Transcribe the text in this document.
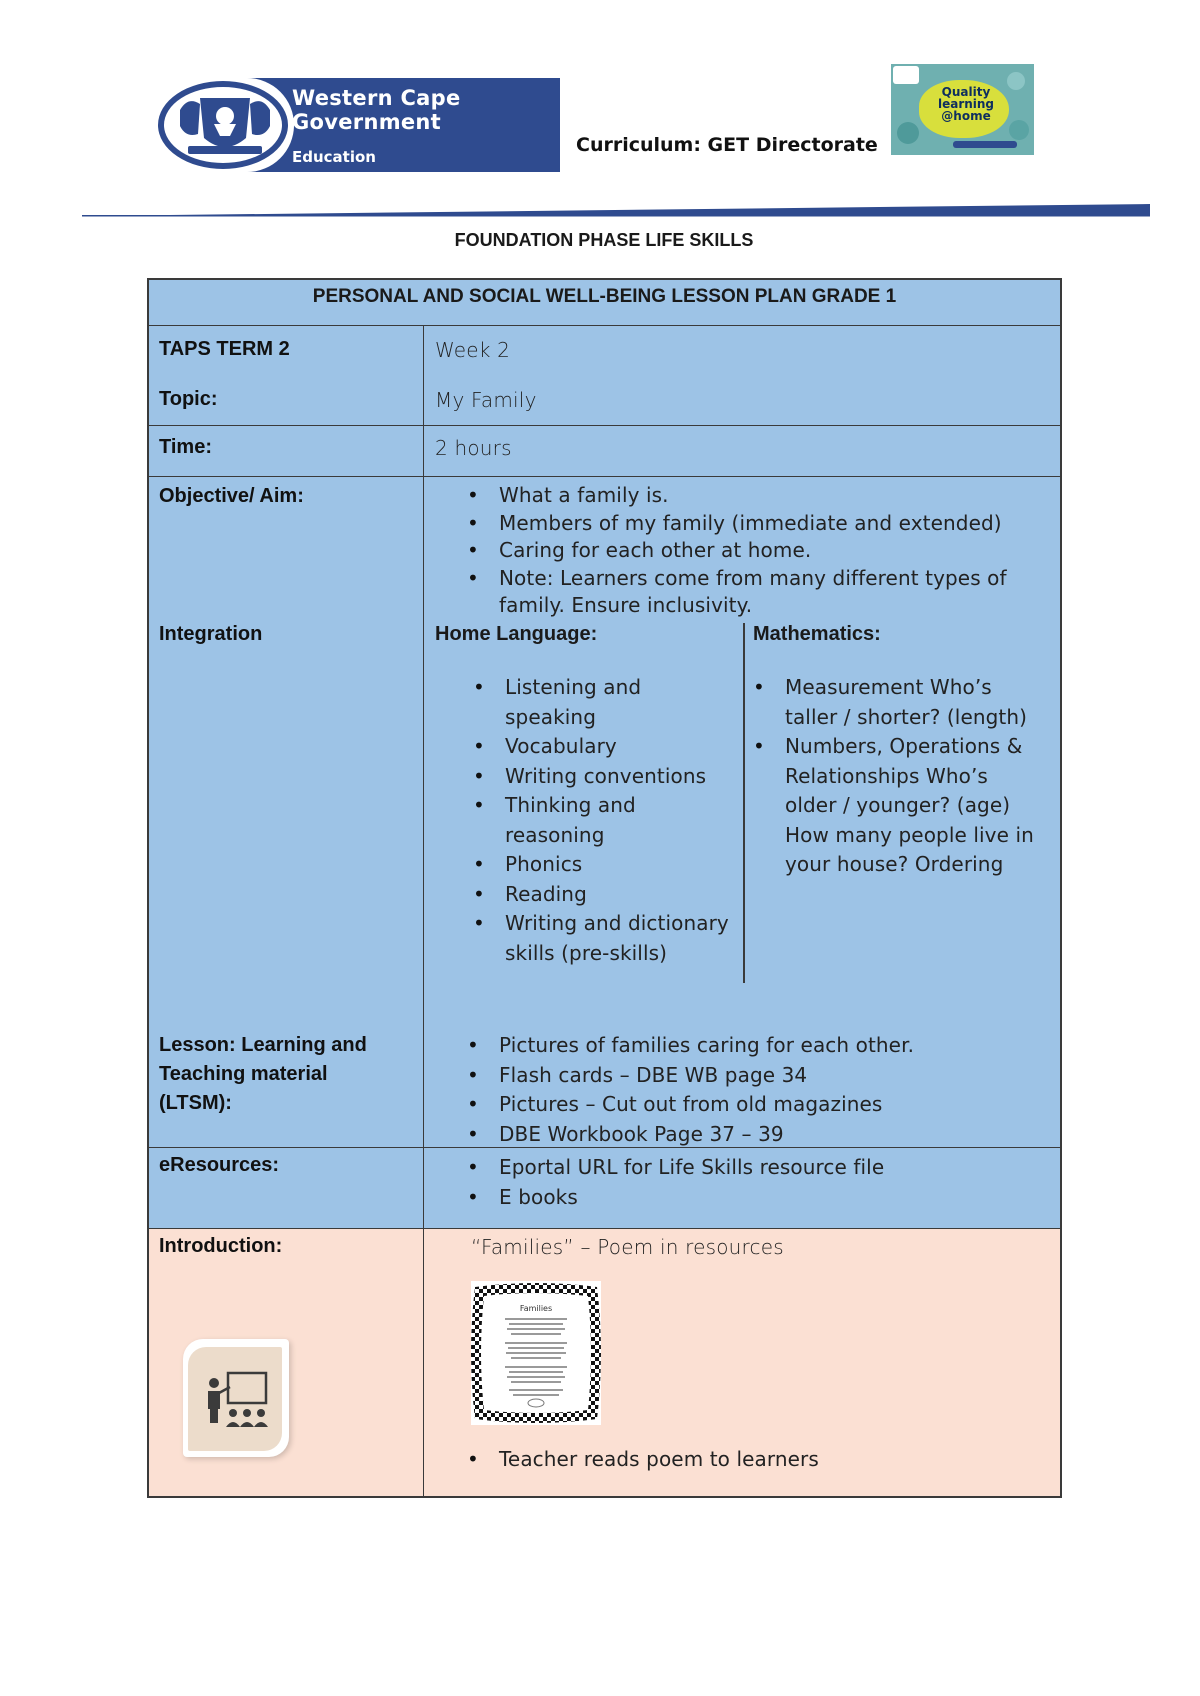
Western Cape
Government
Education
Curriculum: GET Directorate
Quality
learning
@home
FOUNDATION PHASE LIFE SKILLS
PERSONAL AND SOCIAL WELL-BEING LESSON PLAN GRADE 1
TAPS TERM 2
Topic:
Week 2
My Family
Time:	2 hours
Objective/ Aim:
Integration
Lesson: Learning and
Teaching material
(LTSM):
• What a family is.
• Members of my family (immediate and extended)
• Caring for each other at home.
• Note: Learners come from many different types of family. Ensure inclusivity.
Home Language:	Mathematics:
• Listening and speaking
• Vocabulary
• Writing conventions
• Thinking and reasoning
• Phonics
• Reading
• Writing and dictionary skills (pre-skills)
• Measurement Who’s taller / shorter? (length)
• Numbers, Operations & Relationships Who’s older / younger? (age) How many people live in your house? Ordering
• Pictures of families caring for each other.
• Flash cards – DBE WB page 34
• Pictures – Cut out from old magazines
• DBE Workbook Page 37 – 39
eResources:
•	Eportal URL for Life Skills resource file
• E books
Introduction:	“Families” – Poem in resources
Families
• Teacher reads poem to learners
